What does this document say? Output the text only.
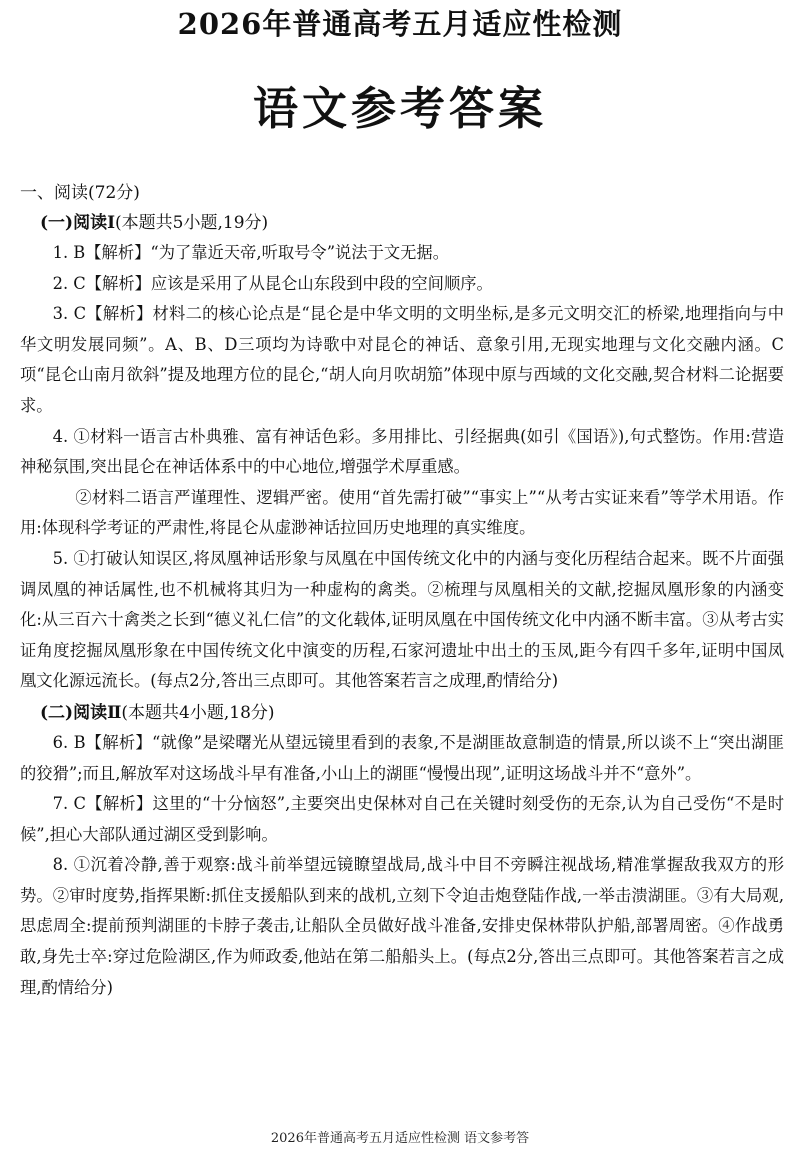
2026年普通高考五月适应性检测
语文参考答案
一、阅读(72分)
(一)阅读Ⅰ(本题共5小题,19分)

1. B【解析】“为了靠近天帝,听取号令”说法于文无据。

2. C【解析】应该是采用了从昆仑山东段到中段的空间顺序。

3. C【解析】材料二的核心论点是“昆仑是中华文明的文明坐标,是多元文明交汇的桥梁,地理指向与中华文明发展同频”。A、B、D三项均为诗歌中对昆仑的神话、意象引用,无现实地理与文化交融内涵。C项“昆仑山南月欲斜”提及地理方位的昆仑,“胡人向月吹胡笳”体现中原与西域的文化交融,契合材料二论据要求。

4. ①材料一语言古朴典雅、富有神话色彩。多用排比、引经据典(如引《国语》),句式整饬。作用:营造神秘氛围,突出昆仑在神话体系中的中心地位,增强学术厚重感。

②材料二语言严谨理性、逻辑严密。使用“首先需打破”“事实上”“从考古实证来看”等学术用语。作用:体现科学考证的严肃性,将昆仑从虚渺神话拉回历史地理的真实维度。

5. ①打破认知误区,将凤凰神话形象与凤凰在中国传统文化中的内涵与变化历程结合起来。既不片面强调凤凰的神话属性,也不机械将其归为一种虚构的禽类。②梳理与凤凰相关的文献,挖掘凤凰形象的内涵变化:从三百六十禽类之长到“德义礼仁信”的文化载体,证明凤凰在中国传统文化中内涵不断丰富。③从考古实证角度挖掘凤凰形象在中国传统文化中演变的历程,石家河遗址中出土的玉凤,距今有四千多年,证明中国凤凰文化源远流长。(每点2分,答出三点即可。其他答案若言之成理,酌情给分)

(二)阅读Ⅱ(本题共4小题,18分)

6. B【解析】“就像”是梁曙光从望远镜里看到的表象,不是湖匪故意制造的情景,所以谈不上“突出湖匪的狡猾”;而且,解放军对这场战斗早有准备,小山上的湖匪“慢慢出现”,证明这场战斗并不“意外”。

7. C【解析】这里的“十分恼怒”,主要突出史保林对自己在关键时刻受伤的无奈,认为自己受伤“不是时候”,担心大部队通过湖区受到影响。

8. ①沉着冷静,善于观察:战斗前举望远镜瞭望战局,战斗中目不旁瞬注视战场,精准掌握敌我双方的形势。②审时度势,指挥果断:抓住支援船队到来的战机,立刻下令迫击炮登陆作战,一举击溃湖匪。③有大局观,思虑周全:提前预判湖匪的卡脖子袭击,让船队全员做好战斗准备,安排史保林带队护船,部署周密。④作战勇敢,身先士卒:穿过危险湖区,作为师政委,他站在第二船船头上。(每点2分,答出三点即可。其他答案若言之成理,酌情给分)

2026年普通高考五月适应性检测 语文参考答
